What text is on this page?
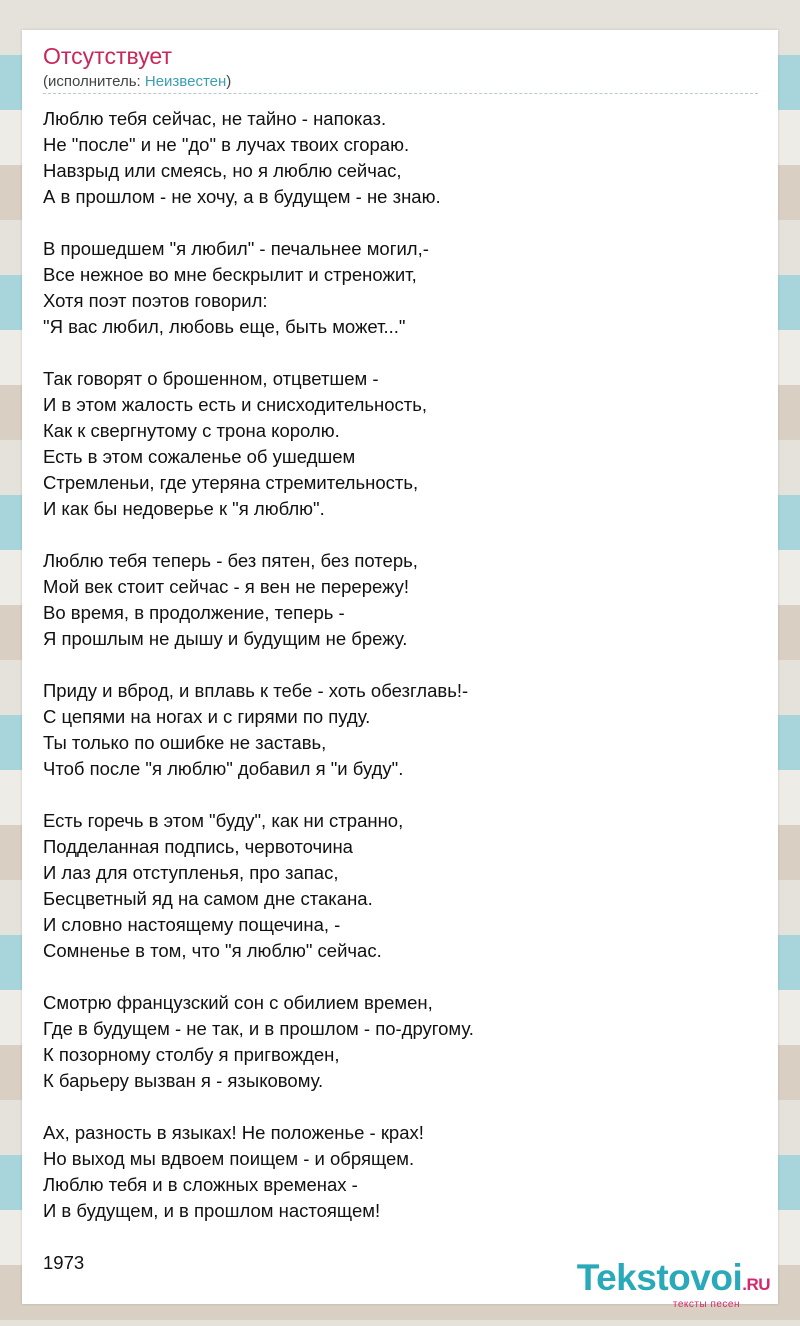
Отсутствует
(исполнитель: Неизвестен)
Люблю тебя сейчас, не тайно - напоказ.
Не "после" и не "до" в лучах твоих сгораю.
Навзрыд или смеясь, но я люблю сейчас,
А в прошлом - не хочу, а в будущем - не знаю.
В прошедшем "я любил" - печальнее могил,-
Все нежное во мне бескрылит и стреножит,
Хотя поэт поэтов говорил:
"Я вас любил, любовь еще, быть может..."
Так говорят о брошенном, отцветшем -
И в этом жалость есть и снисходительность,
Как к свергнутому с трона королю.
Есть в этом сожаленье об ушедшем
Стремленьи, где утеряна стремительность,
И как бы недоверье к "я люблю".
Люблю тебя теперь - без пятен, без потерь,
Мой век стоит сейчас - я вен не перережу!
Во время, в продолжение, теперь -
Я прошлым не дышу и будущим не брежу.
Приду и вброд, и вплавь к тебе - хоть обезглавь!-
С цепями на ногах и с гирями по пуду.
Ты только по ошибке не заставь,
Чтоб после "я люблю" добавил я "и буду".
Есть горечь в этом "буду", как ни странно,
Подделанная подпись, червоточина
И лаз для отступленья, про запас,
Бесцветный яд на самом дне стакана.
И словно настоящему пощечина, -
Сомненье в том, что "я люблю" сейчас.
Смотрю французский сон с обилием времен,
Где в будущем - не так, и в прошлом - по-другому.
К позорному столбу я пригвожден,
К барьеру вызван я - языковому.
Ах, разность в языках! Не положенье - крах!
Но выход мы вдвоем поищем - и обрящем.
Люблю тебя и в сложных временах -
И в будущем, и в прошлом настоящем!
1973	Tekstovoi.RU
тексты песен
